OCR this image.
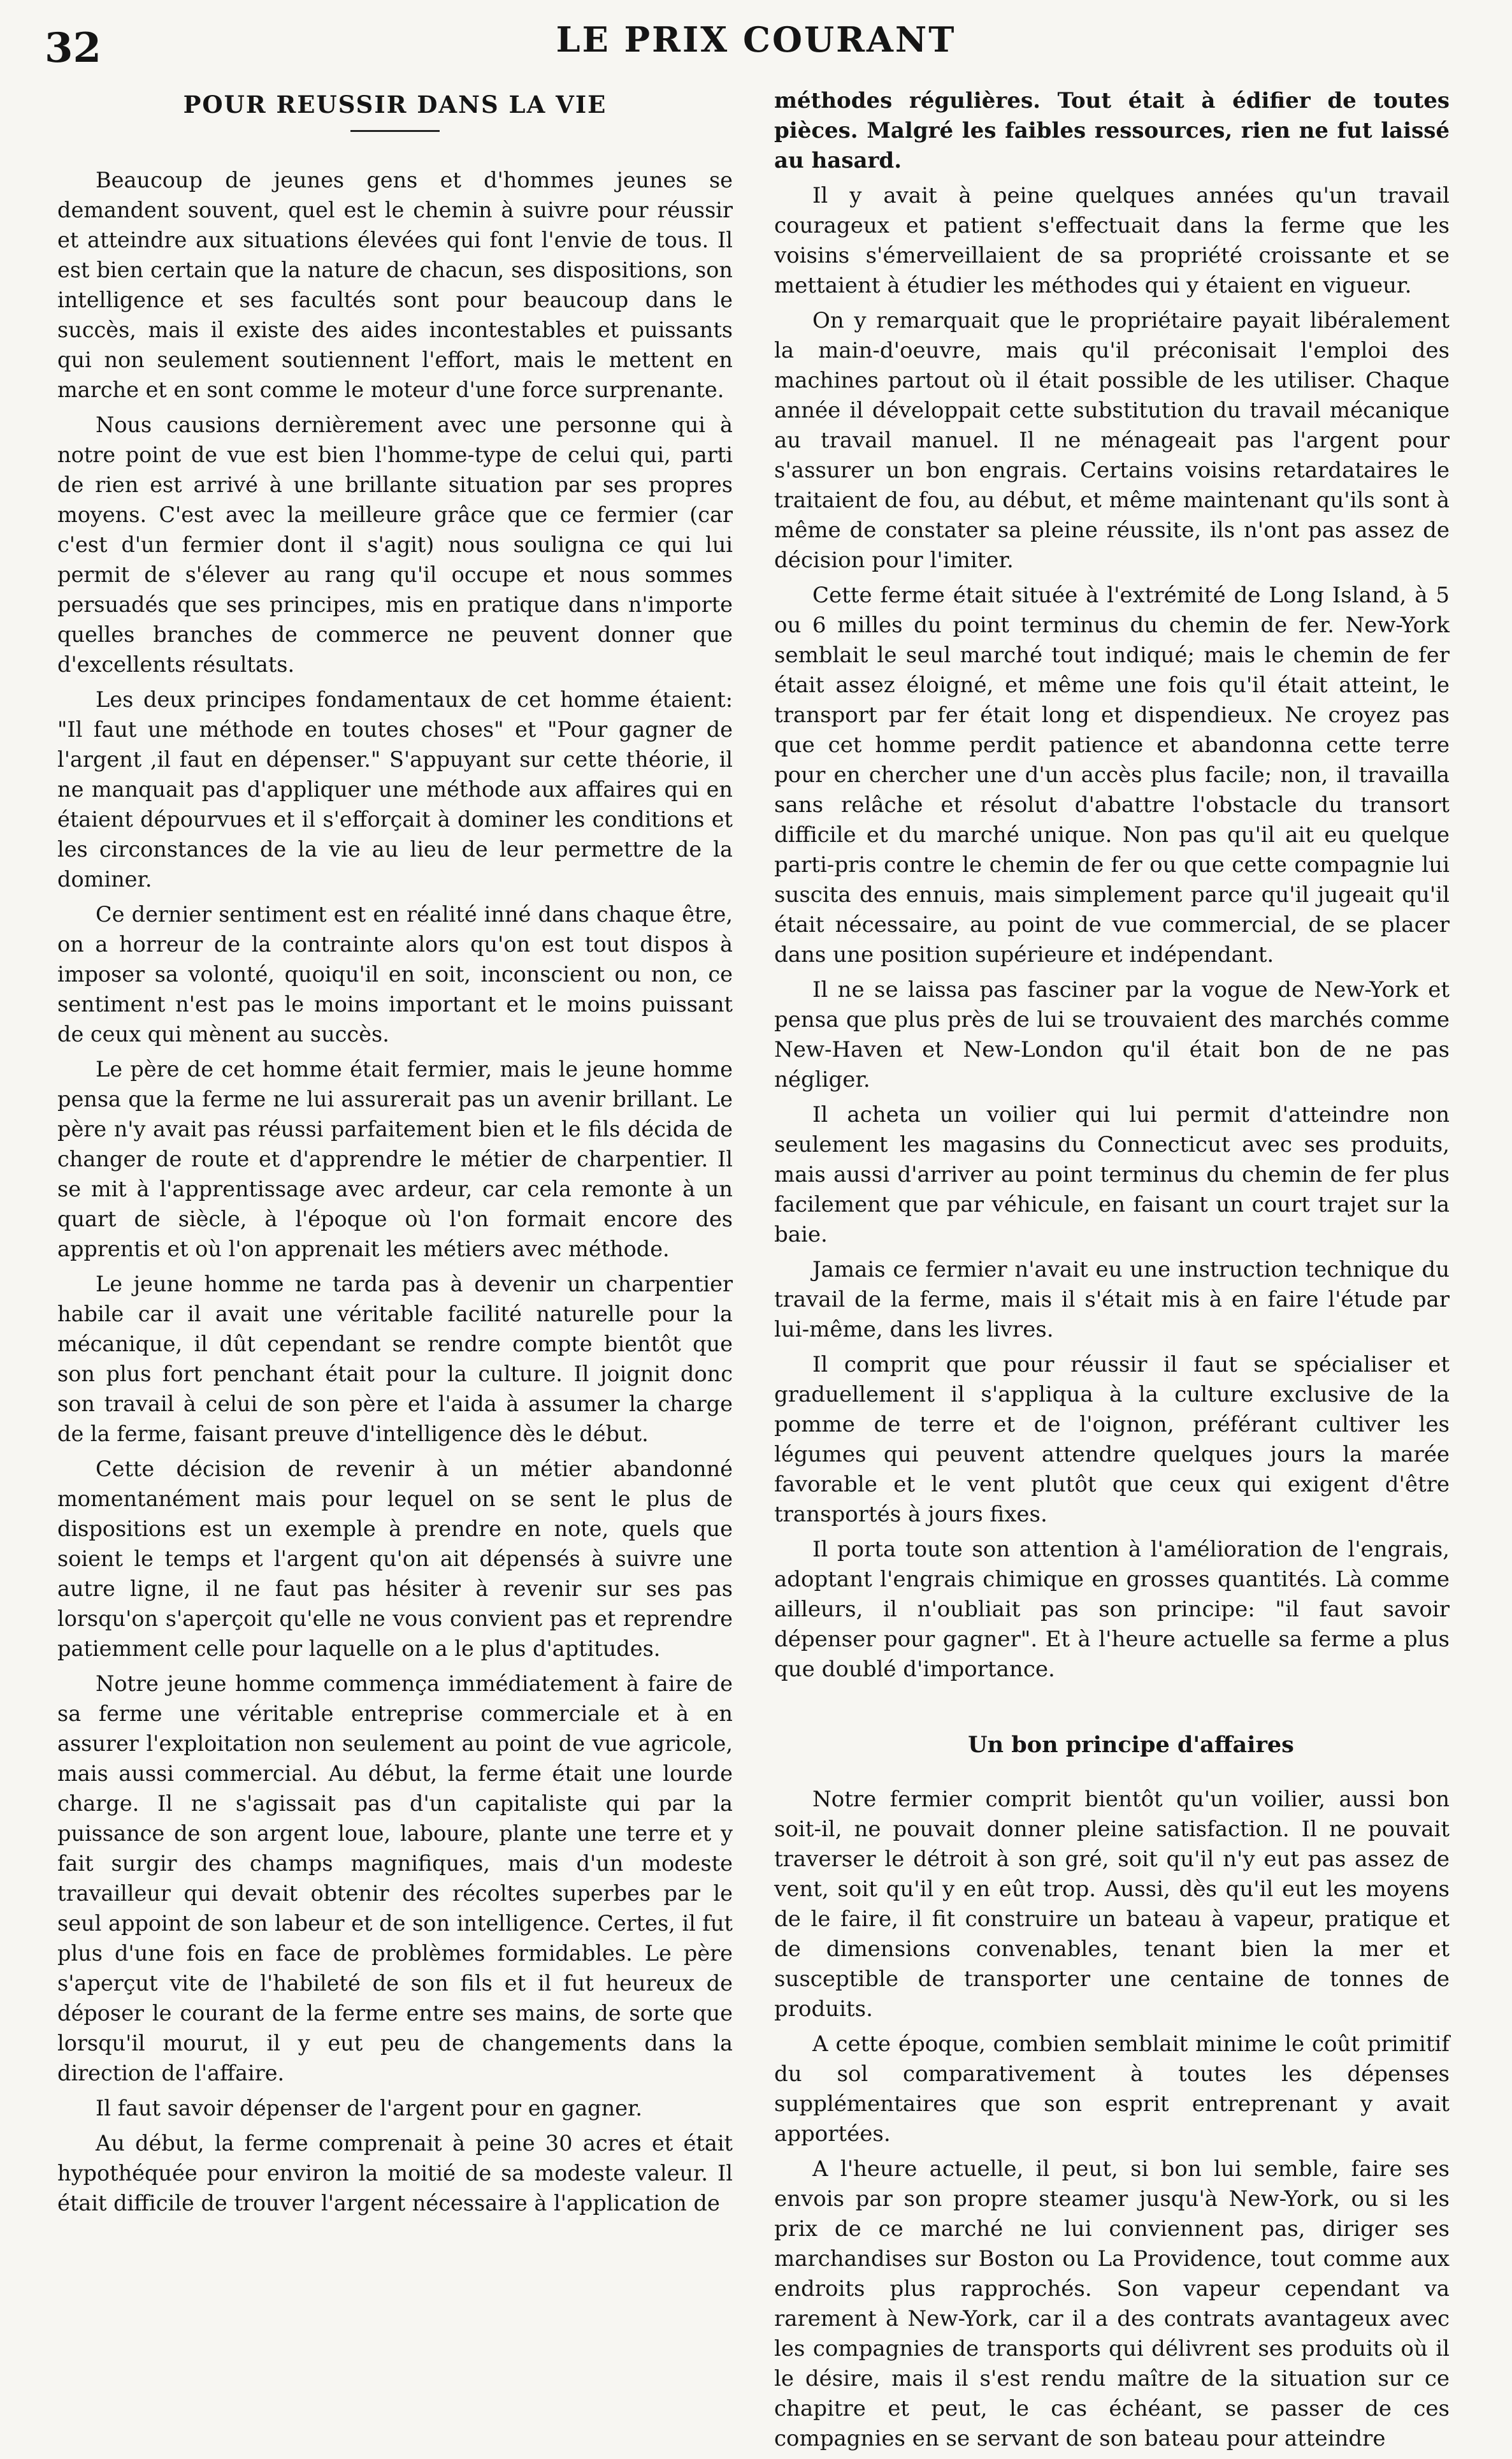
32	LE PRIX COURANT
POUR REUSSIR DANS LA VIE

Beaucoup de jeunes gens et d'hommes jeunes se demandent souvent, quel est le chemin à suivre pour réussir et atteindre aux situations élevées qui font l'envie de tous. Il est bien certain que la nature de chacun, ses dispositions, son intelligence et ses facultés sont pour beaucoup dans le succès, mais il existe des aides incontestables et puissants qui non seulement soutiennent l'effort, mais le mettent en marche et en sont comme le moteur d'une force surprenante.

Nous causions dernièrement avec une personne qui à notre point de vue est bien l'homme-type de celui qui, parti de rien est arrivé à une brillante situation par ses propres moyens. C'est avec la meilleure grâce que ce fermier (car c'est d'un fermier dont il s'agit) nous souligna ce qui lui permit de s'élever au rang qu'il occupe et nous sommes persuadés que ses principes, mis en pratique dans n'importe quelles branches de commerce ne peuvent donner que d'excellents résultats.

Les deux principes fondamentaux de cet homme étaient: "Il faut une méthode en toutes choses" et "Pour gagner de l'argent ,il faut en dépenser." S'appuyant sur cette théorie, il ne manquait pas d'appliquer une méthode aux affaires qui en étaient dépourvues et il s'efforçait à dominer les conditions et les circonstances de la vie au lieu de leur permettre de la dominer.

Ce dernier sentiment est en réalité inné dans chaque être, on a horreur de la contrainte alors qu'on est tout dispos à imposer sa volonté, quoiqu'il en soit, inconscient ou non, ce sentiment n'est pas le moins important et le moins puissant de ceux qui mènent au succès.

Le père de cet homme était fermier, mais le jeune homme pensa que la ferme ne lui assurerait pas un avenir brillant. Le père n'y avait pas réussi parfaitement bien et le fils décida de changer de route et d'apprendre le métier de charpentier. Il se mit à l'apprentissage avec ardeur, car cela remonte à un quart de siècle, à l'époque où l'on formait encore des apprentis et où l'on apprenait les métiers avec méthode.

Le jeune homme ne tarda pas à devenir un charpentier habile car il avait une véritable facilité naturelle pour la mécanique, il dût cependant se rendre compte bientôt que son plus fort penchant était pour la culture. Il joignit donc son travail à celui de son père et l'aida à assumer la charge de la ferme, faisant preuve d'intelligence dès le début.

Cette décision de revenir à un métier abandonné momentanément mais pour lequel on se sent le plus de dispositions est un exemple à prendre en note, quels que soient le temps et l'argent qu'on ait dépensés à suivre une autre ligne, il ne faut pas hésiter à revenir sur ses pas lorsqu'on s'aperçoit qu'elle ne vous convient pas et reprendre patiemment celle pour laquelle on a le plus d'aptitudes.

Notre jeune homme commença immédiatement à faire de sa ferme une véritable entreprise commerciale et à en assurer l'exploitation non seulement au point de vue agricole, mais aussi commercial. Au début, la ferme était une lourde charge. Il ne s'agissait pas d'un capitaliste qui par la puissance de son argent loue, laboure, plante une terre et y fait surgir des champs magnifiques, mais d'un modeste travailleur qui devait obtenir des récoltes superbes par le seul appoint de son labeur et de son intelligence. Certes, il fut plus d'une fois en face de problèmes formidables. Le père s'aperçut vite de l'habileté de son fils et il fut heureux de déposer le courant de la ferme entre ses mains, de sorte que lorsqu'il mourut, il y eut peu de changements dans la direction de l'affaire.

Il faut savoir dépenser de l'argent pour en gagner.

Au début, la ferme comprenait à peine 30 acres et était hypothéquée pour environ la moitié de sa modeste valeur. Il était difficile de trouver l'argent nécessaire à l'application de

méthodes régulières. Tout était à édifier de toutes pièces. Malgré les faibles ressources, rien ne fut laissé au hasard.

Il y avait à peine quelques années qu'un travail courageux et patient s'effectuait dans la ferme que les voisins s'émerveillaient de sa propriété croissante et se mettaient à étudier les méthodes qui y étaient en vigueur.

On y remarquait que le propriétaire payait libéralement la main-d'oeuvre, mais qu'il préconisait l'emploi des machines partout où il était possible de les utiliser. Chaque année il développait cette substitution du travail mécanique au travail manuel. Il ne ménageait pas l'argent pour s'assurer un bon engrais. Certains voisins retardataires le traitaient de fou, au début, et même maintenant qu'ils sont à même de constater sa pleine réussite, ils n'ont pas assez de décision pour l'imiter.

Cette ferme était située à l'extrémité de Long Island, à 5 ou 6 milles du point terminus du chemin de fer. New-York semblait le seul marché tout indiqué; mais le chemin de fer était assez éloigné, et même une fois qu'il était atteint, le transport par fer était long et dispendieux. Ne croyez pas que cet homme perdit patience et abandonna cette terre pour en chercher une d'un accès plus facile; non, il travailla sans relâche et résolut d'abattre l'obstacle du transort difficile et du marché unique. Non pas qu'il ait eu quelque parti-pris contre le chemin de fer ou que cette compagnie lui suscita des ennuis, mais simplement parce qu'il jugeait qu'il était nécessaire, au point de vue commercial, de se placer dans une position supérieure et indépendant.

Il ne se laissa pas fasciner par la vogue de New-York et pensa que plus près de lui se trouvaient des marchés comme New-Haven et New-London qu'il était bon de ne pas négliger.

Il acheta un voilier qui lui permit d'atteindre non seulement les magasins du Connecticut avec ses produits, mais aussi d'arriver au point terminus du chemin de fer plus facilement que par véhicule, en faisant un court trajet sur la baie.

Jamais ce fermier n'avait eu une instruction technique du travail de la ferme, mais il s'était mis à en faire l'étude par lui-même, dans les livres.

Il comprit que pour réussir il faut se spécialiser et graduellement il s'appliqua à la culture exclusive de la pomme de terre et de l'oignon, préférant cultiver les légumes qui peuvent attendre quelques jours la marée favorable et le vent plutôt que ceux qui exigent d'être transportés à jours fixes.

Il porta toute son attention à l'amélioration de l'engrais, adoptant l'engrais chimique en grosses quantités. Là comme ailleurs, il n'oubliait pas son principe: "il faut savoir dépenser pour gagner". Et à l'heure actuelle sa ferme a plus que doublé d'importance.

Un bon principe d'affaires

Notre fermier comprit bientôt qu'un voilier, aussi bon soit-il, ne pouvait donner pleine satisfaction. Il ne pouvait traverser le détroit à son gré, soit qu'il n'y eut pas assez de vent, soit qu'il y en eût trop. Aussi, dès qu'il eut les moyens de le faire, il fit construire un bateau à vapeur, pratique et de dimensions convenables, tenant bien la mer et susceptible de transporter une centaine de tonnes de produits.

A cette époque, combien semblait minime le coût primitif du sol comparativement à toutes les dépenses supplémentaires que son esprit entreprenant y avait apportées.

A l'heure actuelle, il peut, si bon lui semble, faire ses envois par son propre steamer jusqu'à New-York, ou si les prix de ce marché ne lui conviennent pas, diriger ses marchandises sur Boston ou La Providence, tout comme aux endroits plus rapprochés. Son vapeur cependant va rarement à New-York, car il a des contrats avantageux avec les compagnies de transports qui délivrent ses produits où il le désire, mais il s'est rendu maître de la situation sur ce chapitre et peut, le cas échéant, se passer de ces compagnies en se servant de son bateau pour atteindre
